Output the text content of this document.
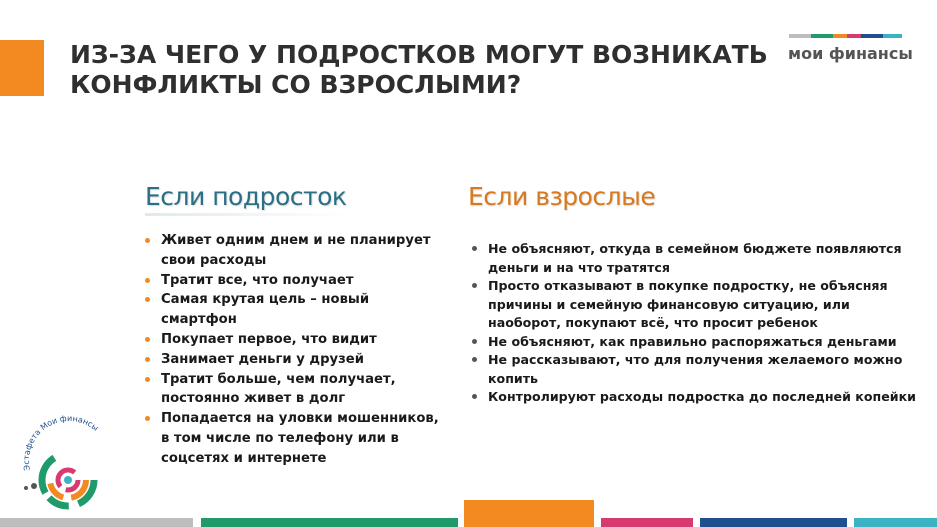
ИЗ-ЗА ЧЕГО У ПОДРОСТКОВ МОГУТ ВОЗНИКАТЬ
КОНФЛИКТЫ СО ВЗРОСЛЫМИ?
мои финансы
Если подросток	Если взрослые
Живет одним днем и не планирует свои расходы
Тратит все, что получает
Самая крутая цель – новый смартфон
Покупает первое, что видит
Занимает деньги у друзей
Тратит больше, чем получает, постоянно живет в долг
Попадается на уловки мошенников, в том числе по телефону или в соцсетях и интернете
Не объясняют, откуда в семейном бюджете появляются деньги и на что тратятся
Просто отказывают в покупке подростку, не объясняя причины и семейную финансовую ситуацию, или наоборот, покупают всё, что просит ребенок
Не объясняют, как правильно распоряжаться деньгами
Не рассказывают, что для получения желаемого можно копить
Контролируют расходы подростка до последней копейки
Эстафета Мои финансы
